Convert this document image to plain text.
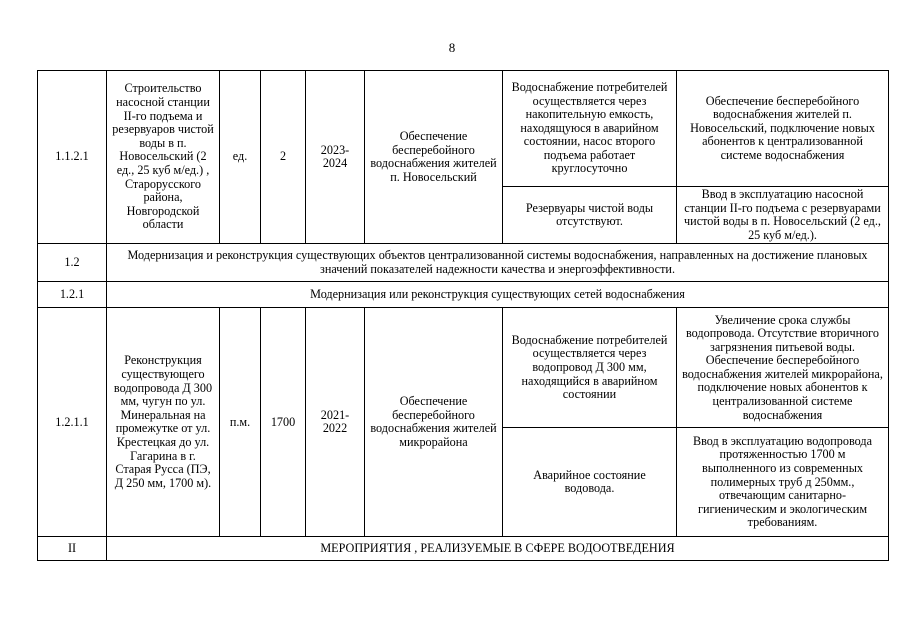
8
1.1.2.1	Строительство насосной станции II-го подъема и резервуаров чистой воды в п. Новосельский (2 ед., 25 куб м/ед.) , Старорусского района, Новгородской области	ед.	2	2023-2024	Обеспечение бесперебойного водоснабжения жителей п. Новосельский	Водоснабжение потребителей осуществляется через накопительную емкость, находящуюся в аварийном состоянии, насос второго подъема работает круглосуточно	Обеспечение бесперебойного водоснабжения жителей п. Новосельский, подключение новых абонентов к централизованной системе водоснабжения
						Резервуары чистой воды отсутствуют.	Ввод в эксплуатацию насосной станции II-го подъема с резервуарами чистой воды в п. Новосельский (2 ед., 25 куб м/ед.).
1.2	Модернизация и реконструкция существующих объектов централизованной системы водоснабжения, направленных на достижение плановых значений показателей надежности качества и энергоэффективности.						
1.2.1	Модернизация или реконструкция существующих сетей водоснабжения						
1.2.1.1	Реконструкция существующего водопровода Д 300 мм, чугун по ул. Минеральная на промежутке от ул. Крестецкая до ул. Гагарина в г. Старая Русса (ПЭ, Д 250 мм, 1700 м).	п.м.	1700	2021-2022	Обеспечение бесперебойного водоснабжения жителей микрорайона	Водоснабжение потребителей осуществляется через водопровод Д 300 мм, находящийся в аварийном состоянии	Увеличение срока службы водопровода. Отсутствие вторичного загрязнения питьевой воды. Обеспечение бесперебойного водоснабжения жителей микрорайона, подключение новых абонентов к централизованной системе водоснабжения
						Аварийное состояние водовода.	Ввод в эксплуатацию водопровода протяженностью 1700 м выполненного из современных полимерных труб д 250мм., отвечающим санитарно-гигиеническим и экологическим требованиям.
II	МЕРОПРИЯТИЯ , РЕАЛИЗУЕМЫЕ В СФЕРЕ ВОДООТВЕДЕНИЯ						
